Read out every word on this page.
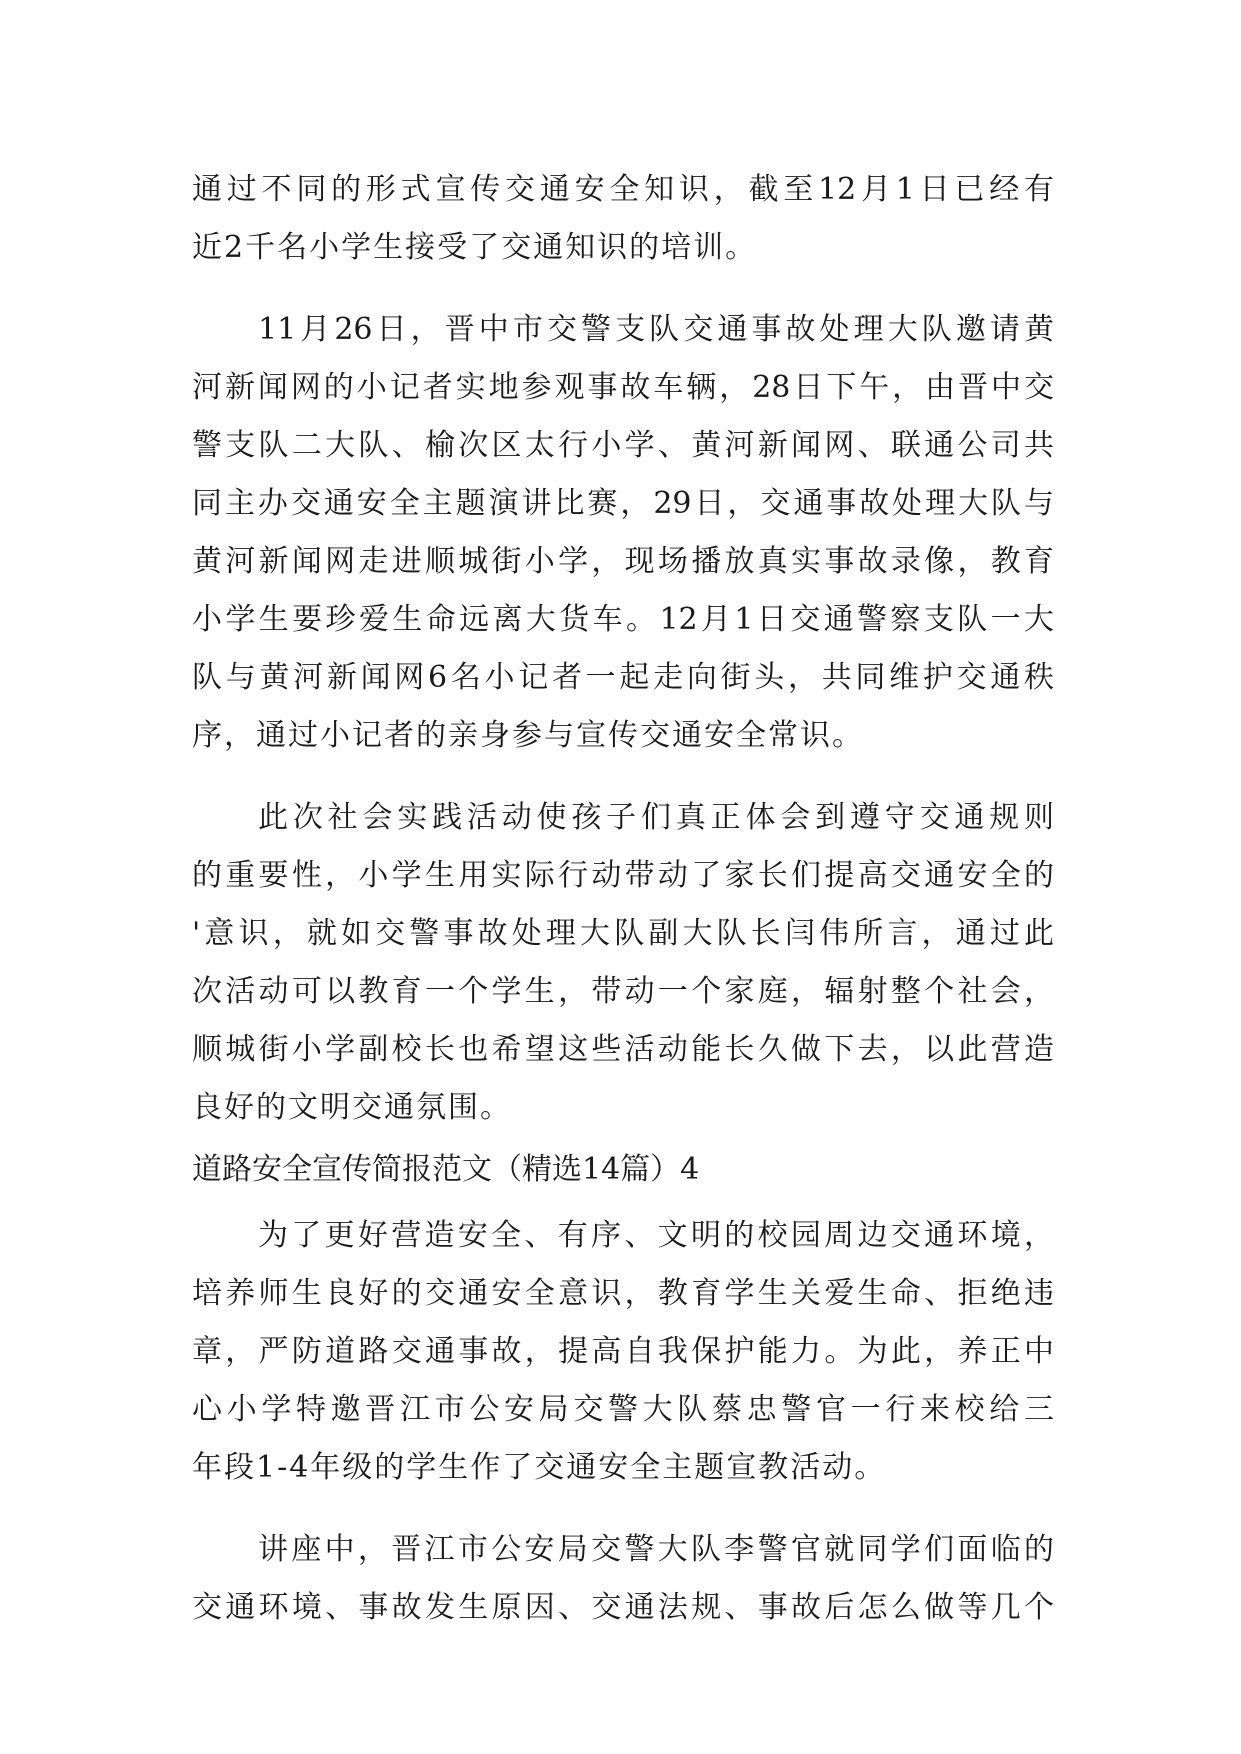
通过不同的形式宣传交通安全知识，截至12月1日已经有
近2千名小学生接受了交通知识的培训。
11月26日，晋中市交警支队交通事故处理大队邀请黄
河新闻网的小记者实地参观事故车辆，28日下午，由晋中交
警支队二大队、榆次区太行小学、黄河新闻网、联通公司共
同主办交通安全主题演讲比赛，29日，交通事故处理大队与
黄河新闻网走进顺城街小学，现场播放真实事故录像，教育
小学生要珍爱生命远离大货车。12月1日交通警察支队一大
队与黄河新闻网6名小记者一起走向街头，共同维护交通秩
序，通过小记者的亲身参与宣传交通安全常识。
此次社会实践活动使孩子们真正体会到遵守交通规则
的重要性，小学生用实际行动带动了家长们提高交通安全的
'意识，就如交警事故处理大队副大队长闫伟所言，通过此
次活动可以教育一个学生，带动一个家庭，辐射整个社会，
顺城街小学副校长也希望这些活动能长久做下去，以此营造
良好的文明交通氛围。
道路安全宣传简报范文（精选14篇）4
为了更好营造安全、有序、文明的校园周边交通环境，
培养师生良好的交通安全意识，教育学生关爱生命、拒绝违
章，严防道路交通事故，提高自我保护能力。为此，养正中
心小学特邀晋江市公安局交警大队蔡忠警官一行来校给三
年段1-4年级的学生作了交通安全主题宣教活动。
讲座中，晋江市公安局交警大队李警官就同学们面临的
交通环境、事故发生原因、交通法规、事故后怎么做等几个
